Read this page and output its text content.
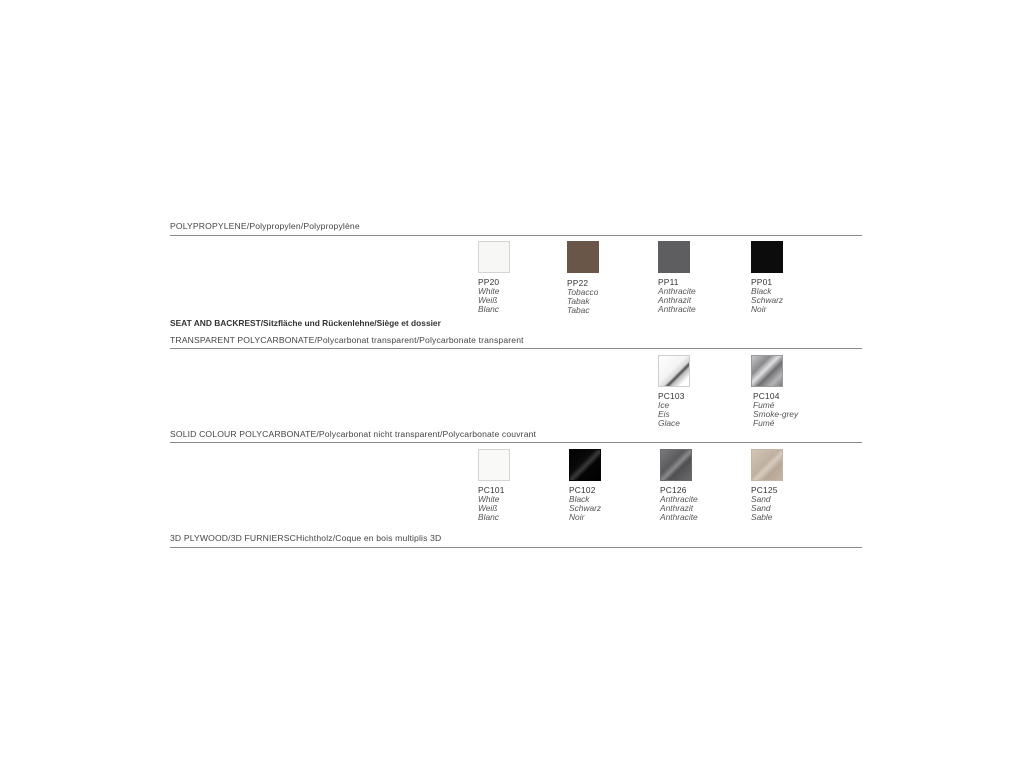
POLYPROPYLENE/Polypropylen/Polypropylène
PP20
White
Weiß
Blanc
PP22
Tobacco
Tabak
Tabac
PP11
Anthracite
Anthrazit
Anthracite
PP01
Black
Schwarz
Noir
SEAT AND BACKREST/Sitzfläche und Rückenlehne/Siège et dossier
TRANSPARENT POLYCARBONATE/Polycarbonat transparent/Polycarbonate transparent
PC103
Ice
Eis
Glace
PC104
Fumé
Smoke-grey
Fumé
SOLID COLOUR POLYCARBONATE/Polycarbonat nicht transparent/Polycarbonate couvrant
PC101
White
Weiß
Blanc
PC102
Black
Schwarz
Noir
PC126
Anthracite
Anthrazit
Anthracite
PC125
Sand
Sand
Sable
3D PLYWOOD/3D FURNIERSCHichtholz/Coque en bois multiplis 3D
